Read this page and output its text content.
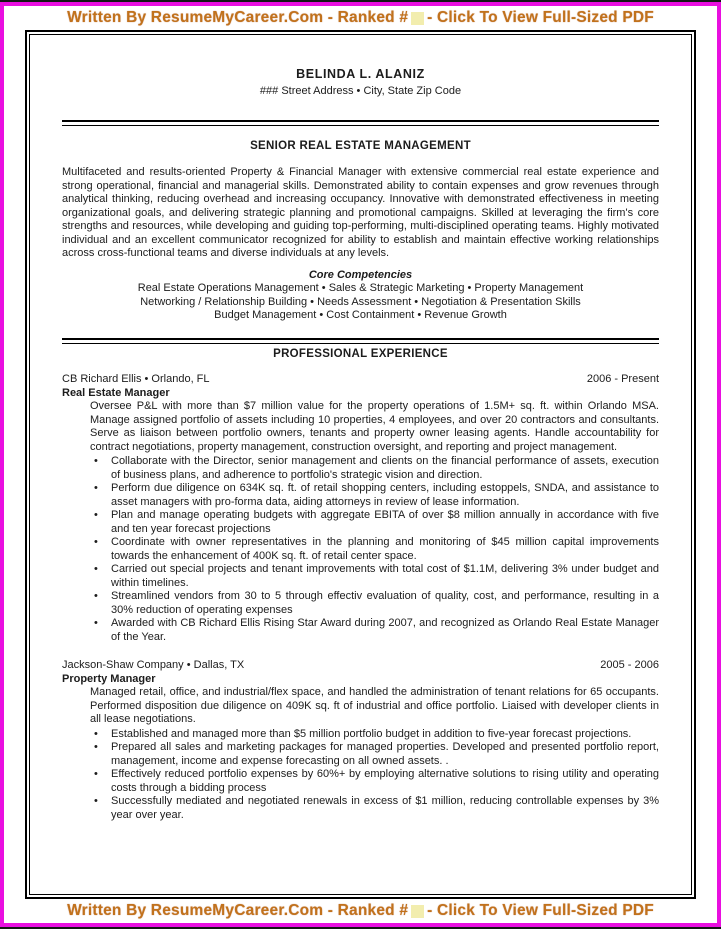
Written By ResumeMyCareer.Com - Ranked #
- Click To View Full-Sized PDF
BELINDA L. ALANIZ
### Street Address • City, State Zip Code
SENIOR REAL ESTATE MANAGEMENT
Multifaceted and results-oriented Property & Financial Manager with extensive commercial real estate experience and strong operational, financial and managerial skills. Demonstrated ability to contain expenses and grow revenues through analytical thinking, reducing overhead and increasing occupancy. Innovative with demonstrated effectiveness in meeting organizational goals, and delivering strategic planning and promotional campaigns. Skilled at leveraging the firm's core strengths and resources, while developing and guiding top-performing, multi-disciplined operating teams. Highly motivated individual and an excellent communicator recognized for ability to establish and maintain effective working relationships across cross-functional teams and diverse individuals at any levels.
Core Competencies
Real Estate Operations Management • Sales & Strategic Marketing • Property Management
Networking / Relationship Building • Needs Assessment • Negotiation & Presentation Skills
Budget Management • Cost Containment • Revenue Growth
PROFESSIONAL EXPERIENCE
CB Richard Ellis • Orlando, FL	2006 - Present
Real Estate Manager
Oversee P&L with more than $7 million value for the property operations of 1.5M+ sq. ft. within Orlando MSA. Manage assigned portfolio of assets including 10 properties, 4 employees, and over 20 contractors and consultants. Serve as liaison between portfolio owners, tenants and property owner leasing agents. Handle accountability for contract negotiations, property management, construction oversight, and reporting and project management.
•	Collaborate with the Director, senior management and clients on the financial performance of assets, execution of business plans, and adherence to portfolio's strategic vision and direction.
•	Perform due diligence on 634K sq. ft. of retail shopping centers, including estoppels, SNDA, and assistance to asset managers with pro-forma data, aiding attorneys in review of lease information.
•	Plan and manage operating budgets with aggregate EBITA of over $8 million annually in accordance with five and ten year forecast projections
•	Coordinate with owner representatives in the planning and monitoring of $45 million capital improvements towards the enhancement of 400K sq. ft. of retail center space.
•	Carried out special projects and tenant improvements with total cost of $1.1M, delivering 3% under budget and within timelines.
•	Streamlined vendors from 30 to 5 through effectiv evaluation of quality, cost, and performance, resulting in a 30% reduction of operating expenses
•	Awarded with CB Richard Ellis Rising Star Award during 2007, and recognized as Orlando Real Estate Manager of the Year.
Jackson-Shaw Company • Dallas, TX	2005 - 2006
Property Manager
Managed retail, office, and industrial/flex space, and handled the administration of tenant relations for 65 occupants. Performed disposition due diligence on 409K sq. ft of industrial and office portfolio. Liaised with developer clients in all lease negotiations.
•	Established and managed more than $5 million portfolio budget in addition to five-year forecast projections.
•	Prepared all sales and marketing packages for managed properties. Developed and presented portfolio report, management, income and expense forecasting on all owned assets. .
•	Effectively reduced portfolio expenses by 60%+ by employing alternative solutions to rising utility and operating costs through a bidding process
•	Successfully mediated and negotiated renewals in excess of $1 million, reducing controllable expenses by 3% year over year.
Written By ResumeMyCareer.Com - Ranked #
- Click To View Full-Sized PDF
